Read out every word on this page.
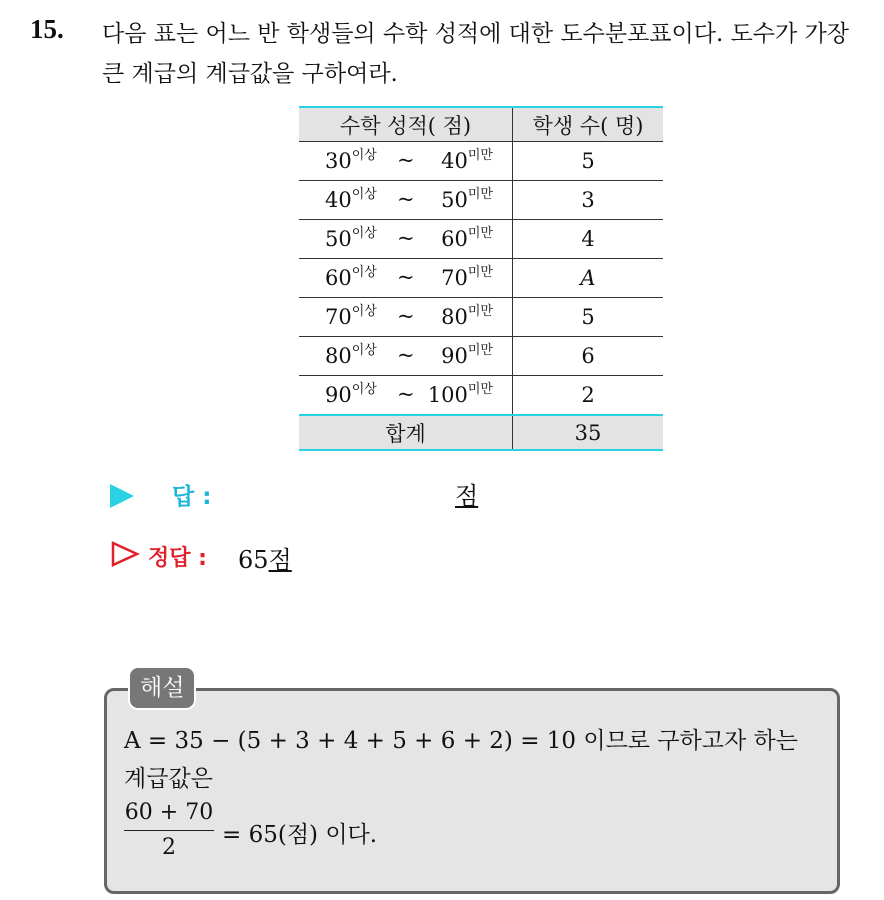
15. 다음 표는 어느 반 학생들의 수학 성적에 대한 도수분포표이다. 도수가 가장 큰 계급의 계급값을 구하여라.
수학 성적( 점)	학생 수( 명)

$30^{이상}$ ~ $40^{미만}$	5

$40^{이상}$ ~ $50^{미만}$	3

$50^{이상}$ ~ $60^{미만}$	4

$60^{이상}$ ~ $70^{미만}$	A

$70^{이상}$ ~ $80^{미만}$	5

$80^{이상}$ ~ $90^{미만}$	6

$90^{이상}$ ~ $100^{미만}$	2
합계	35
답 :	점
정답 : 65점
해설
A = 35 − (5 + 3 + 4 + 5 + 6 + 2) = 10 이므로 구하고자 하는
계급값은
60 + 70
2	= 65(점) 이다.
